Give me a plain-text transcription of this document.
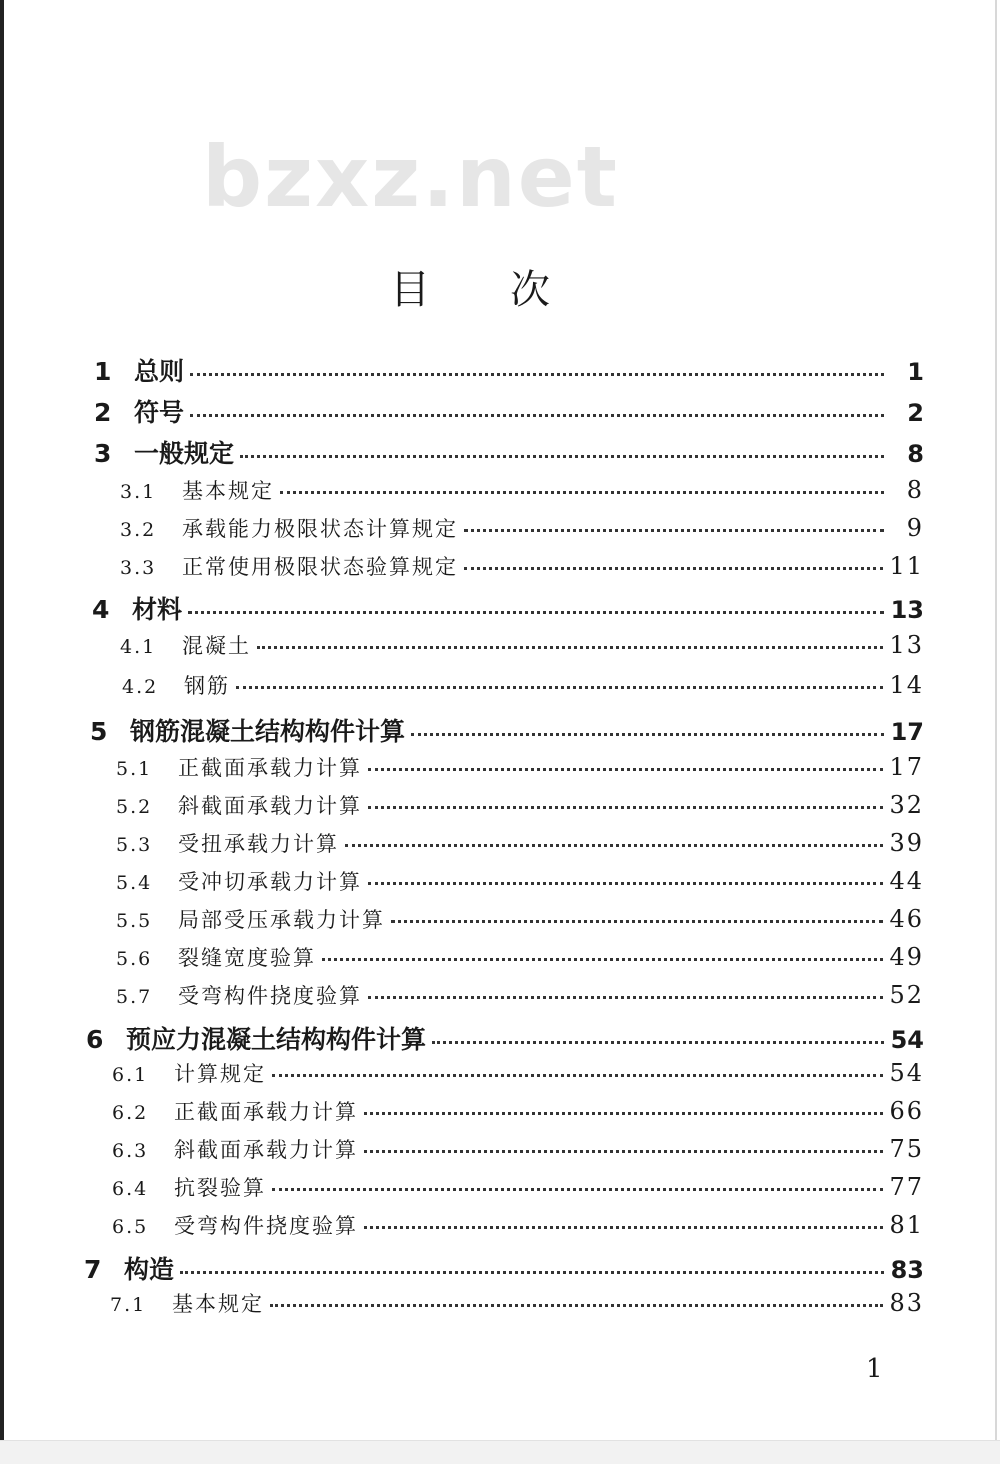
bzxz.net
目次
1 总则	1
2 符号	2
3 一般规定	8
3.1	基本规定	8
3.2	承载能力极限状态计算规定	9
3.3	正常使用极限状态验算规定	11
4 材料	13
4.1	混凝土	13
4.2	钢筋	14
5 钢筋混凝土结构构件计算	17
5.1	正截面承载力计算	17
5.2	斜截面承载力计算	32
5.3	受扭承载力计算	39
5.4	受冲切承载力计算	44
5.5	局部受压承载力计算	46
5.6	裂缝宽度验算	49
5.7	受弯构件挠度验算	52
6 预应力混凝土结构构件计算	54
6.1	计算规定	54
6.2	正截面承载力计算	66
6.3	斜截面承载力计算	75
6.4	抗裂验算	77
6.5	受弯构件挠度验算	81
7 构造	83
7.1	基本规定	83
1
